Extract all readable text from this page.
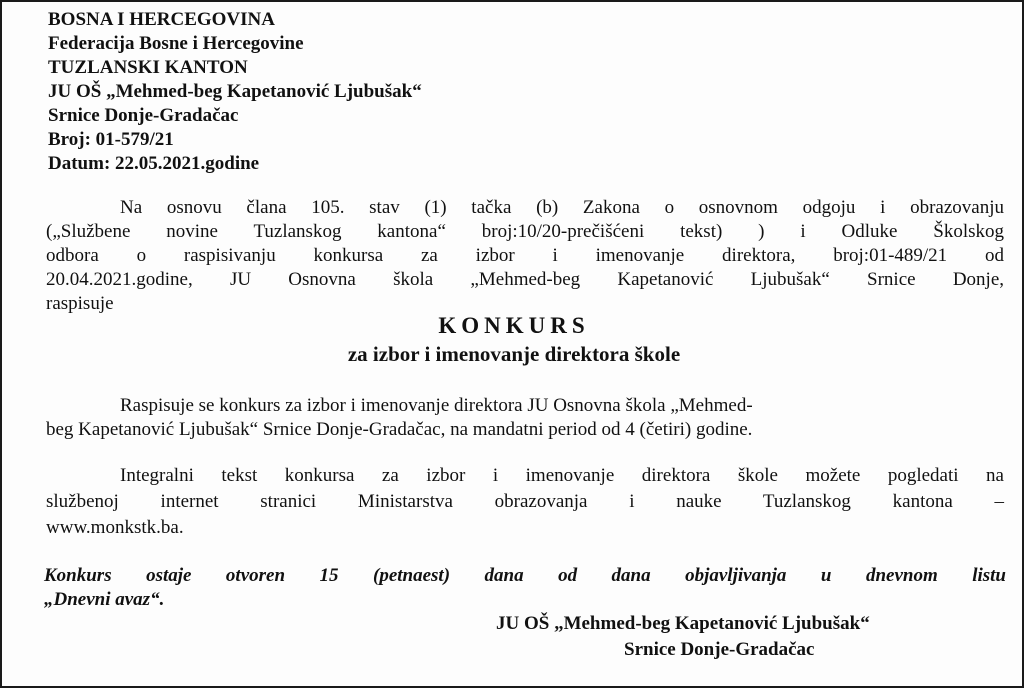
BOSNA I HERCEGOVINA
Federacija Bosne i Hercegovine
TUZLANSKI KANTON
JU OŠ „Mehmed-beg Kapetanović Ljubušak“
Srnice Donje-Gradačac
Broj: 01-579/21
Datum: 22.05.2021.godine
Na osnovu člana 105. stav (1) tačka (b) Zakona o osnovnom odgoju i obrazovanju
(„Službene novine Tuzlanskog kantona“ broj:10/20-prečišćeni tekst) ) i Odluke Školskog
odbora o raspisivanju konkursa za izbor i imenovanje direktora, broj:01-489/21 od
20.04.2021.godine, JU Osnovna škola „Mehmed-beg Kapetanović Ljubušak“ Srnice Donje,
raspisuje
KONKURS
za izbor i imenovanje direktora škole
Raspisuje se konkurs za izbor i imenovanje direktora JU Osnovna škola „Mehmed-
beg Kapetanović Ljubušak“ Srnice Donje-Gradačac, na mandatni period od 4 (četiri) godine.
Integralni tekst konkursa za izbor i imenovanje direktora škole možete pogledati na
službenoj internet stranici Ministarstva obrazovanja i nauke Tuzlanskog kantona –
www.monkstk.ba.
Konkurs ostaje otvoren 15 (petnaest) dana od dana objavljivanja u dnevnom listu
„Dnevni avaz“.
JU OŠ „Mehmed-beg Kapetanović Ljubušak“
Srnice Donje-Gradačac
